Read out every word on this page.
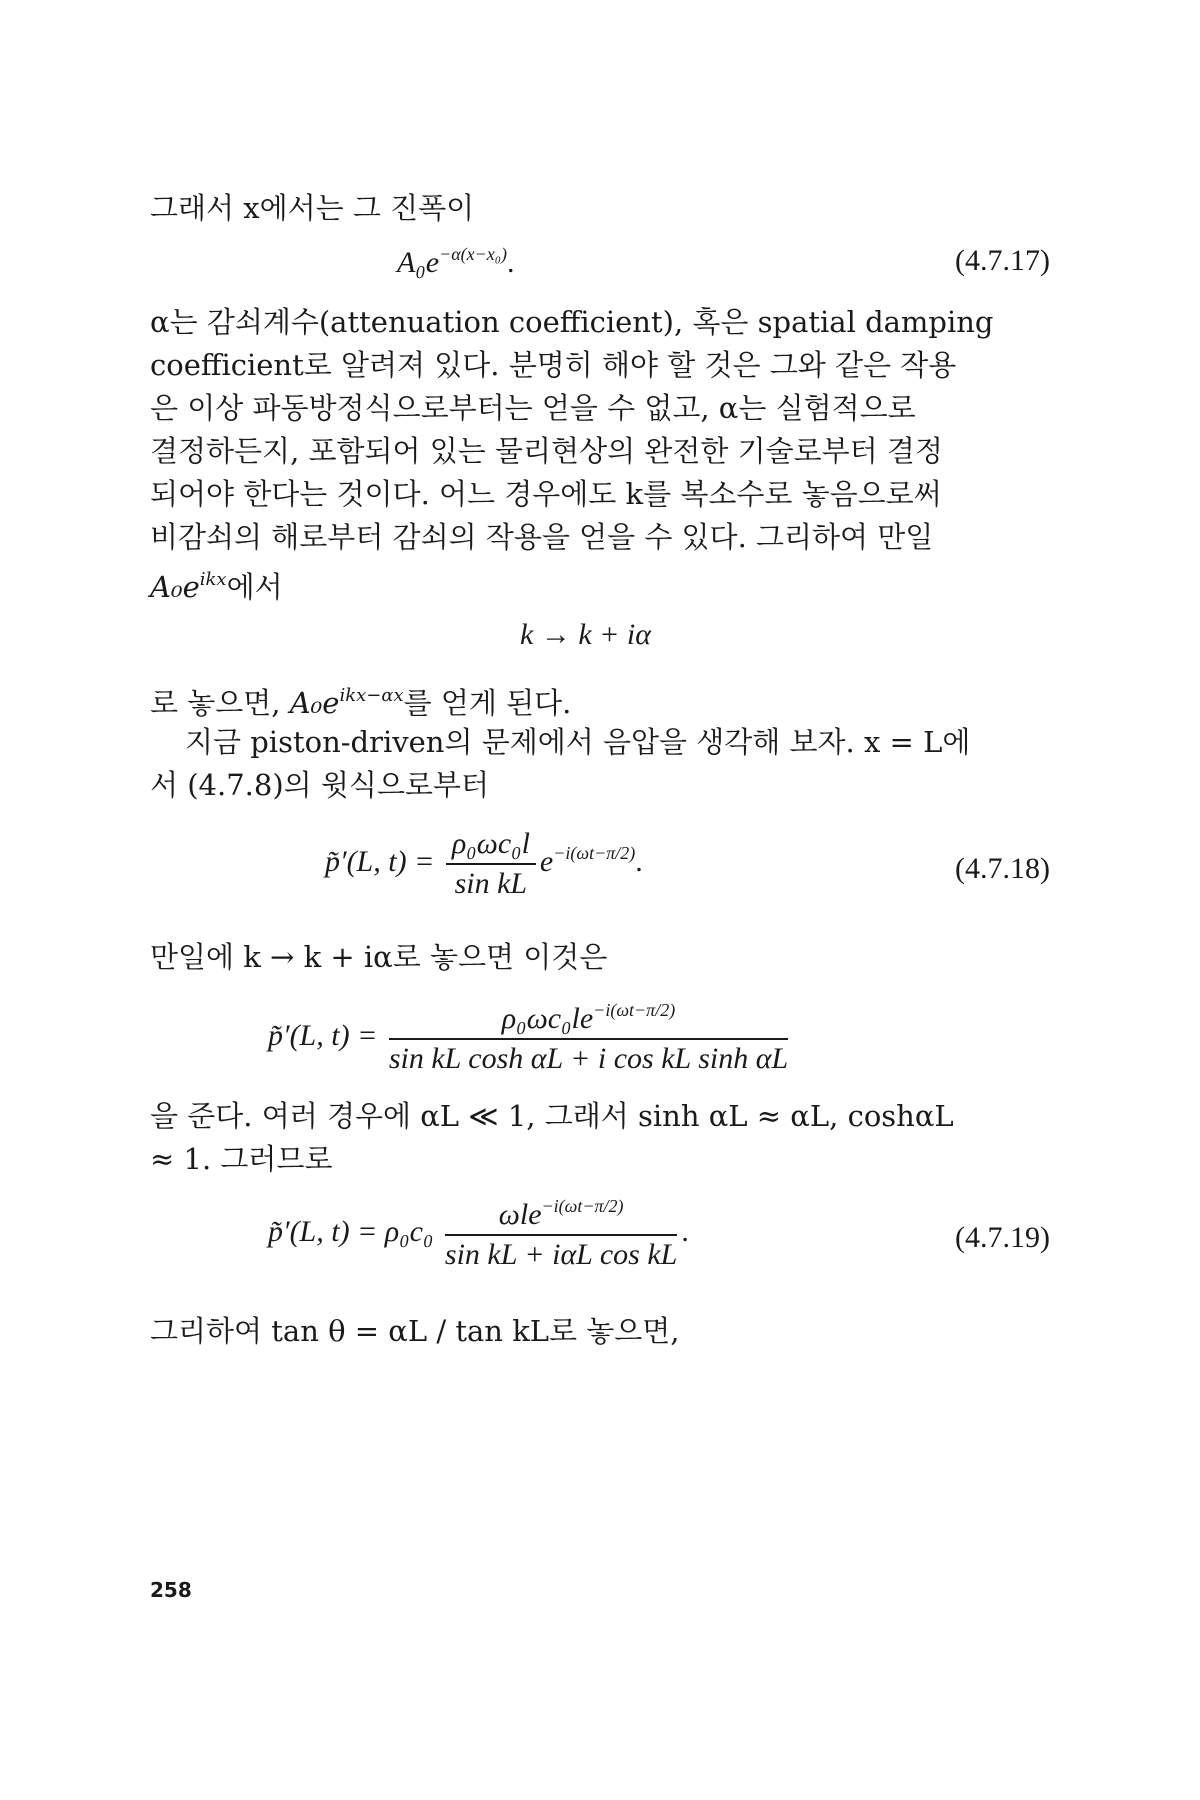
그래서 x에서는 그 진폭이
$A_0e^{-\alpha(x-x_0)}$.	(4.7.17)
α는 감쇠계수(attenuation coefficient), 혹은 spatial damping
coefficient로 알려져 있다. 분명히 해야 할 것은 그와 같은 작용
은 이상 파동방정식으로부터는 얻을 수 없고, α는 실험적으로
결정하든지, 포함되어 있는 물리현상의 완전한 기술로부터 결정
되어야 한다는 것이다. 어느 경우에도 k를 복소수로 놓음으로써
비감쇠의 해로부터 감쇠의 작용을 얻을 수 있다. 그리하여 만일
$A_0e^{ikx}$에서
k → k + iα
로 놓으면, $A_0e^{ikx-\alpha x}$를 얻게 된다.
지금 piston-driven의 문제에서 음압을 생각해 보자. x = L에
서 (4.7.8)의 윗식으로부터
p̃′(L, $t) = \frac{\text{ρ₀ωc₀l}}{\text{sin kL}} e^{-i(\omega t-\pi/2)}$.	(4.7.18)
만일에 k → k + iα로 놓으면 이것은
p̃′(L, $t) = \frac{\rho_0\omega c_0le^{-i(\omega t-\pi/2)}}{\text{sin kL cosh αL + i cos kL sinh αL}}$
을 준다. 여러 경우에 αL ≪ 1, 그래서 sinh αL ≈ αL, coshαL
≈ 1. 그러므로
p̃′(L, $t) = \rho_0c_0 \frac{\omega le^{-i(\omega t-\pi/2)}}{\text{sin kL + iαL cos kL}}$ .	(4.7.19)
그리하여 tan θ = αL / tan kL로 놓으면,
258
